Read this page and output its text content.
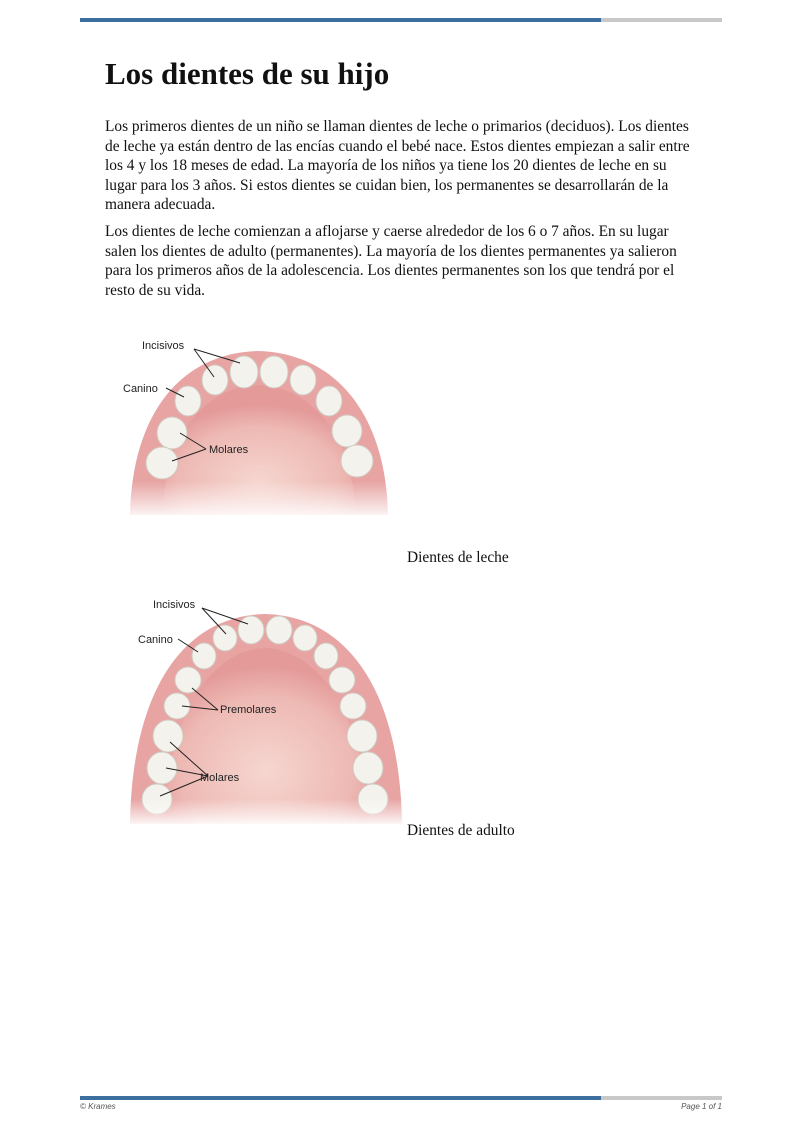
Los dientes de su hijo

Los primeros dientes de un niño se llaman dientes de leche o primarios (deciduos). Los dientes de leche ya están dentro de las encías cuando el bebé nace. Estos dientes empiezan a salir entre los 4 y los 18 meses de edad. La mayoría de los niños ya tiene los 20 dientes de leche en su lugar para los 3 años. Si estos dientes se cuidan bien, los permanentes se desarrollarán de la manera adecuada.

Los dientes de leche comienzan a aflojarse y caerse alrededor de los 6 o 7 años. En su lugar salen los dientes de adulto (permanentes). La mayoría de los dientes permanentes ya salieron para los primeros años de la adolescencia. Los dientes permanentes son los que tendrá por el resto de su vida.

Incisivos
Canino
Molares
Dientes de leche
Incisivos
Canino
Premolares
Molares
Dientes de adulto
© Krames	Page 1 of 1
